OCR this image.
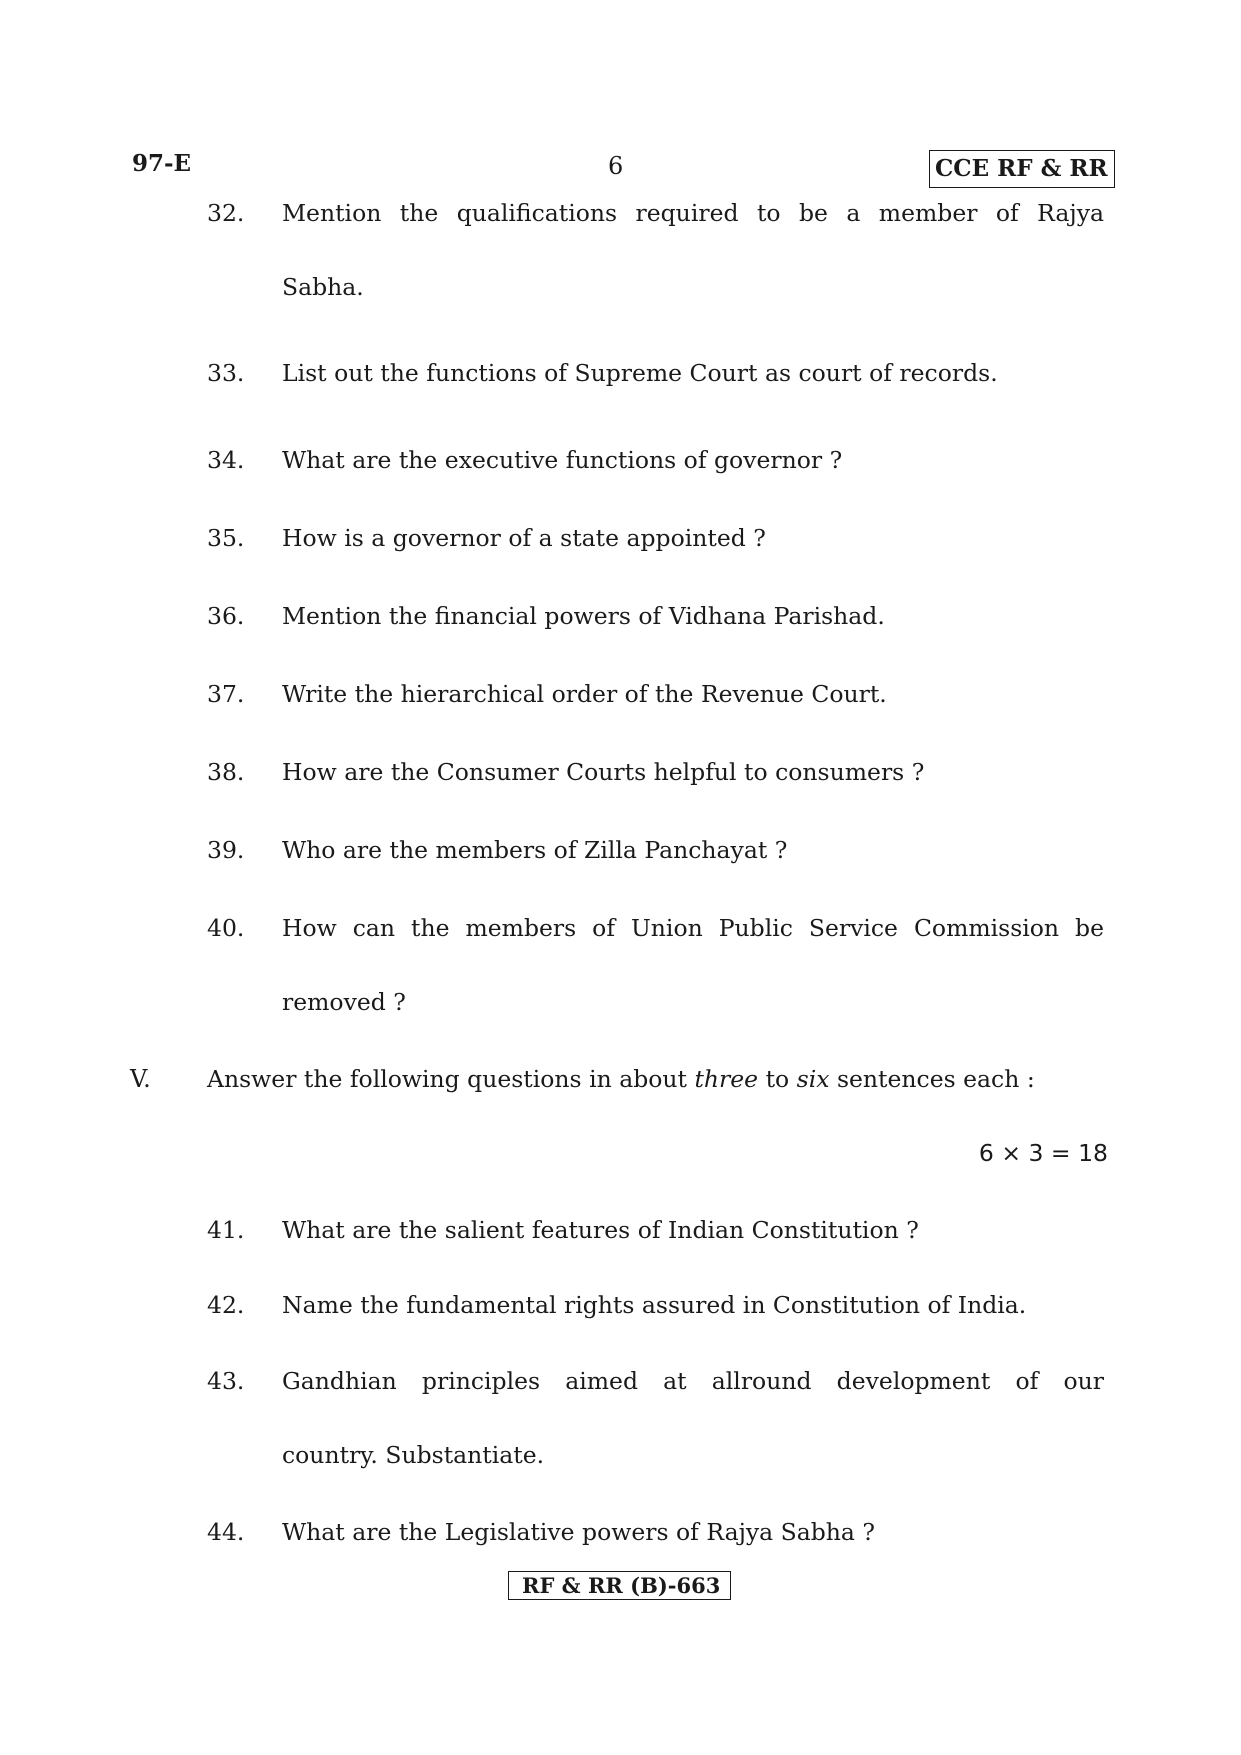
97-E	6	CCE RF & RR
32. Mention the qualifications required to be a member of Rajya
Sabha.
33. List out the functions of Supreme Court as court of records.
34. What are the executive functions of governor ?
35. How is a governor of a state appointed ?
36. Mention the financial powers of Vidhana Parishad.
37. Write the hierarchical order of the Revenue Court.
38. How are the Consumer Courts helpful to consumers ?
39. Who are the members of Zilla Panchayat ?
40. How can the members of Union Public Service Commission be
removed ?
V. Answer the following questions in about three to six sentences each :
6 × 3 = 18
41. What are the salient features of Indian Constitution ?
42. Name the fundamental rights assured in Constitution of India.
43. Gandhian principles aimed at allround development of our
country. Substantiate.
44. What are the Legislative powers of Rajya Sabha ?
RF & RR (B)-663
